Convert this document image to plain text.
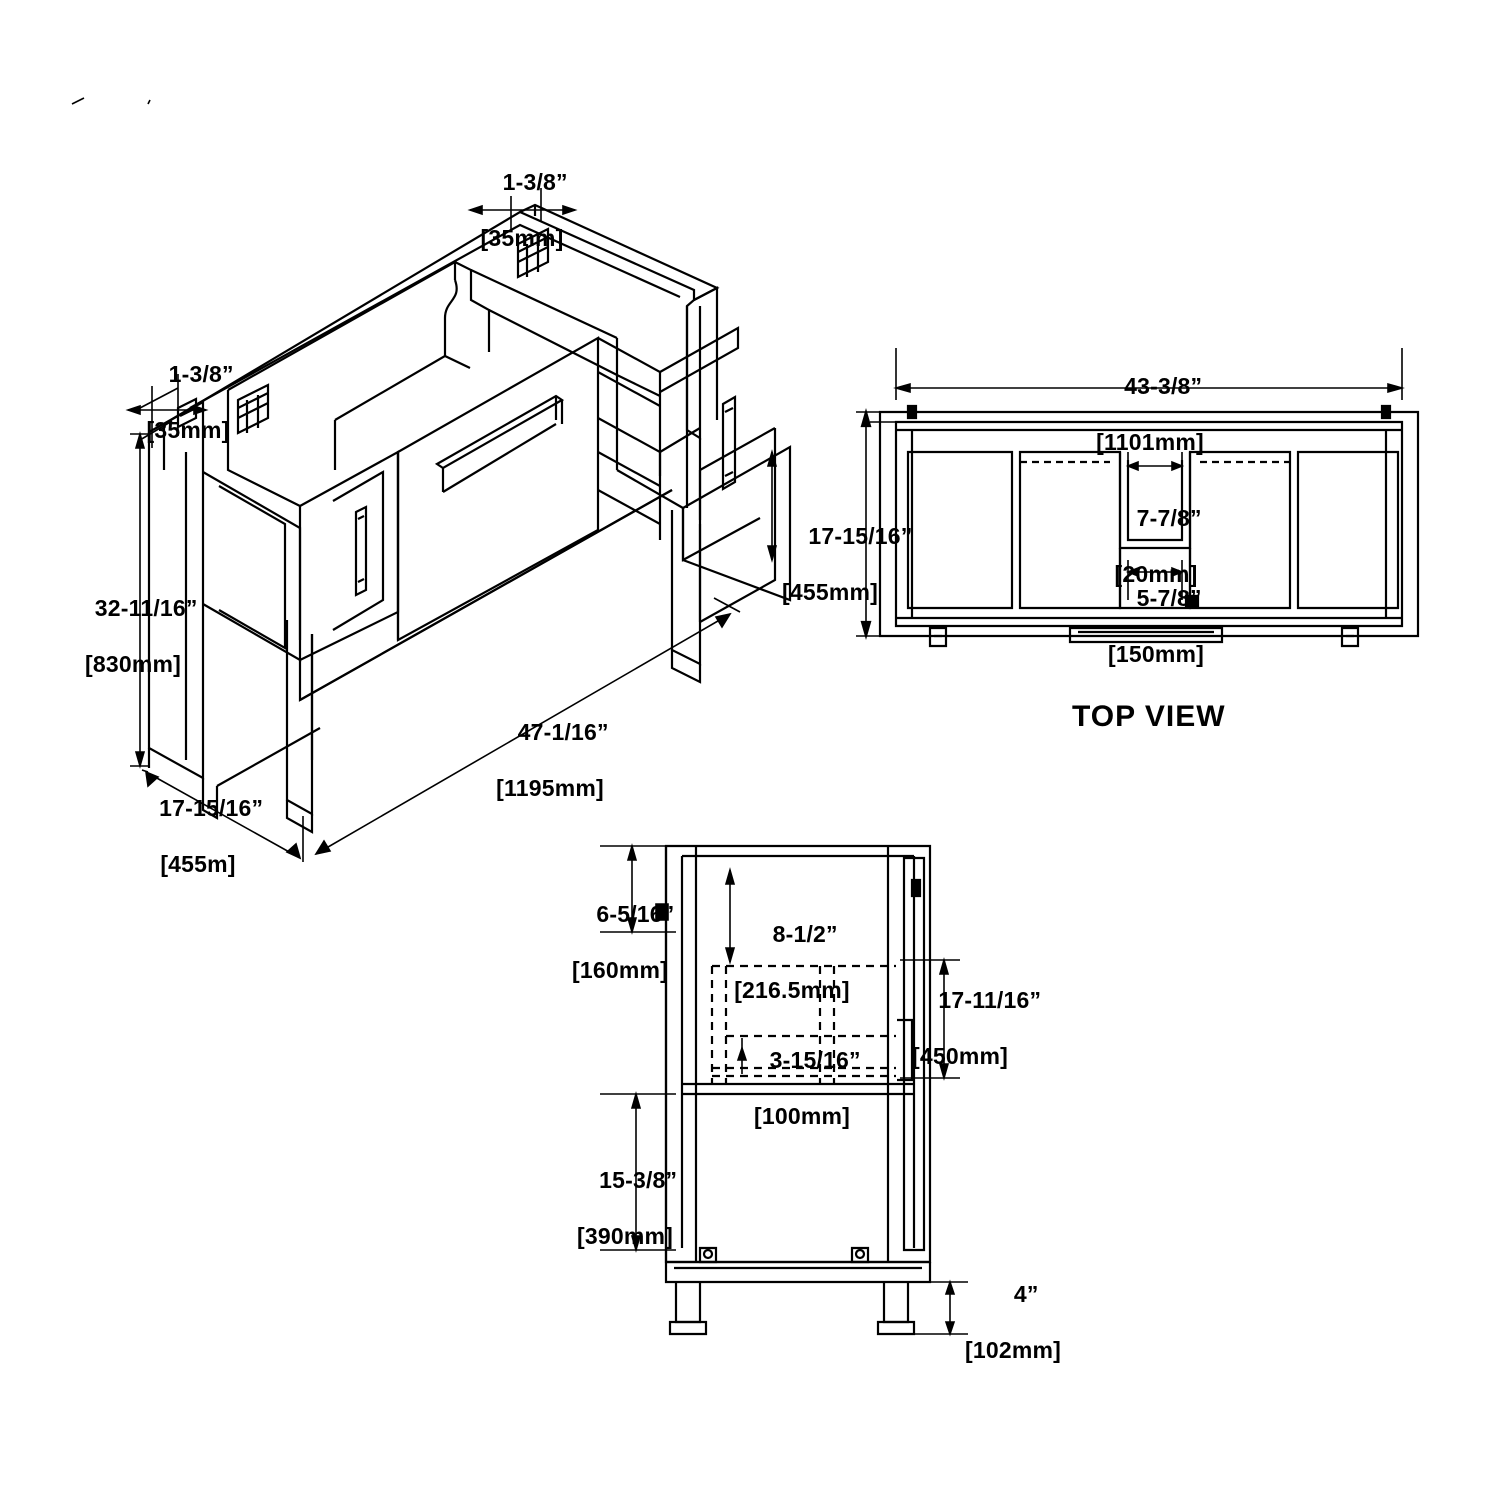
1-3/8”

[35mm]

1-3/8”

[35mm]

32-11/16”

[830mm]

17-15/16”

[455m]

47-1/16”

[1195mm]

17-15/16”

[455mm]

43-3/8”

[1101mm]

7-7/8”

[20mm]

5-7/8”

[150mm]

TOP VIEW

6-5/16”

[160mm]

8-1/2”

[216.5mm]

	17-11/16”

[450mm]

3-15/16”

[100mm]

15-3/8”

[390mm]

4”

[102mm]
